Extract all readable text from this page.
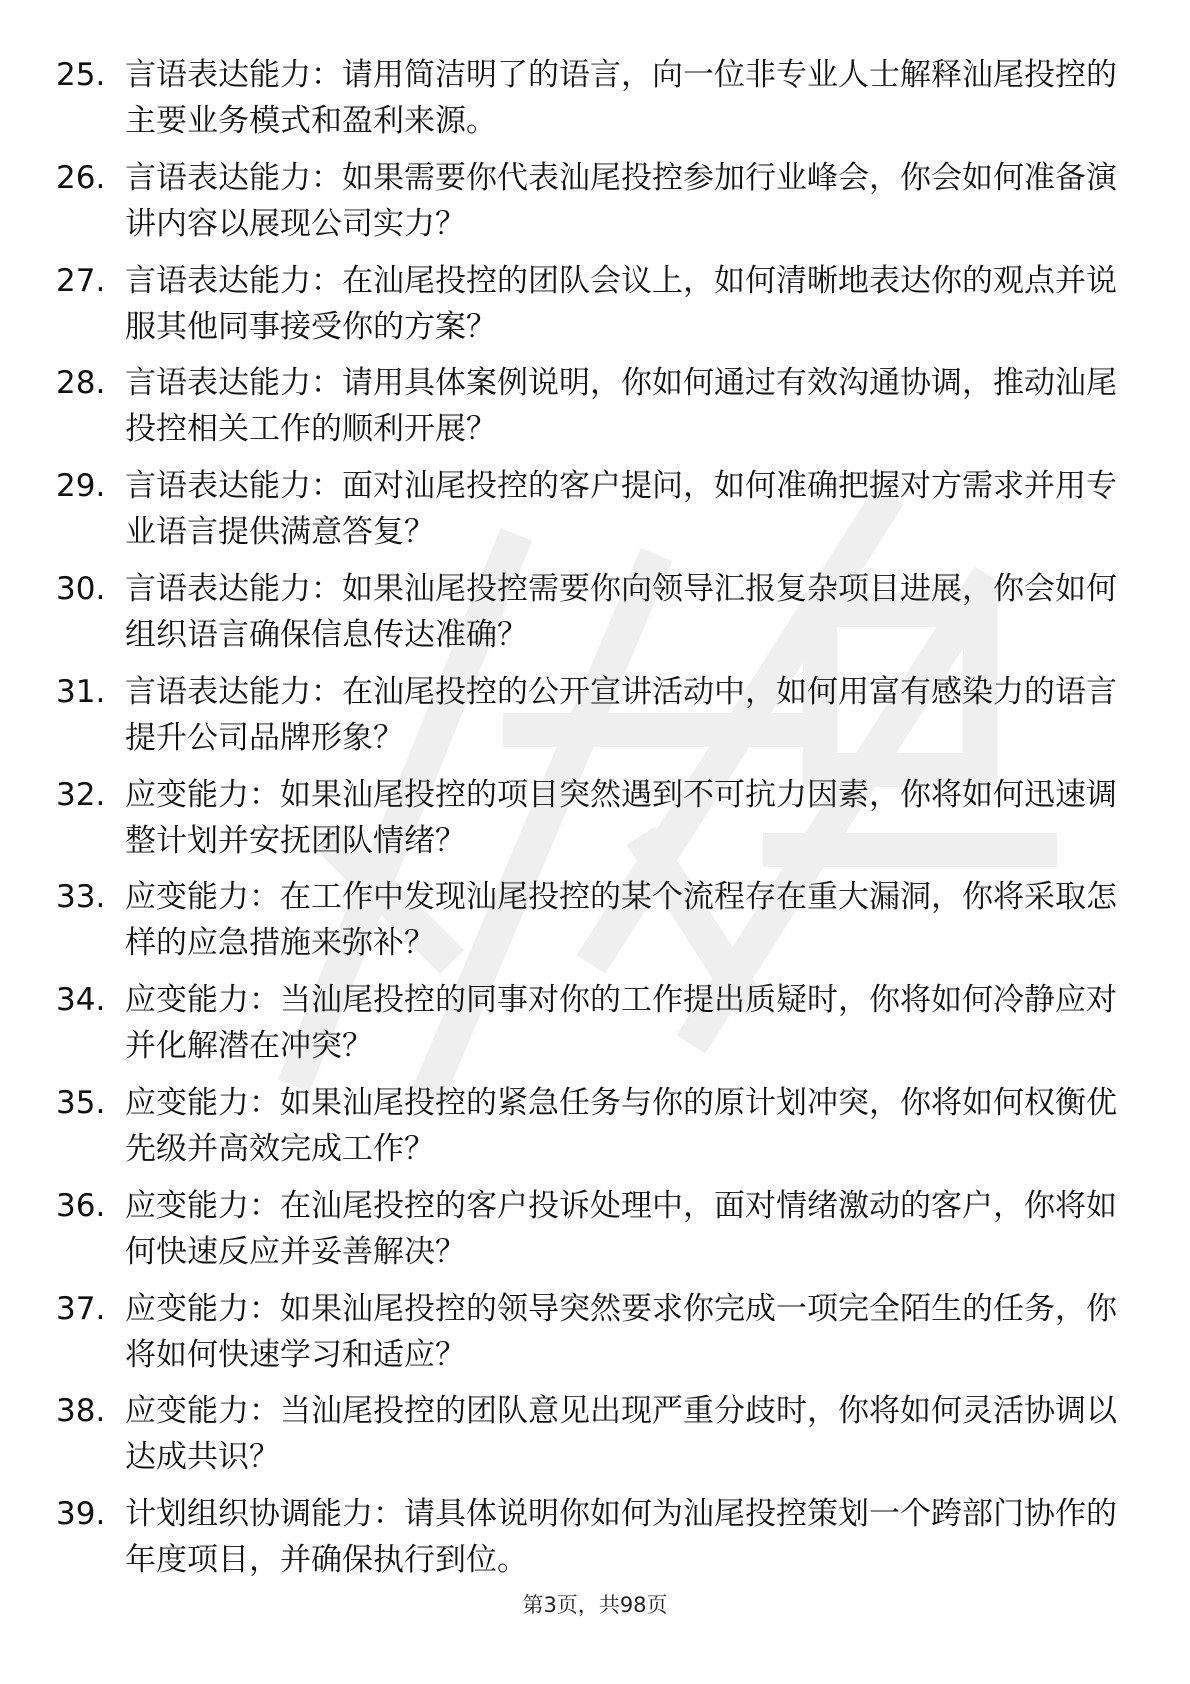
25. 言语表达能力：请用简洁明了的语言，向一位非专业人士解释汕尾投控的主要业务模式和盈利来源。
26. 言语表达能力：如果需要你代表汕尾投控参加行业峰会，你会如何准备演讲内容以展现公司实力？
27. 言语表达能力：在汕尾投控的团队会议上，如何清晰地表达你的观点并说服其他同事接受你的方案？
28. 言语表达能力：请用具体案例说明，你如何通过有效沟通协调，推动汕尾投控相关工作的顺利开展？
29. 言语表达能力：面对汕尾投控的客户提问，如何准确把握对方需求并用专业语言提供满意答复？
30. 言语表达能力：如果汕尾投控需要你向领导汇报复杂项目进展，你会如何组织语言确保信息传达准确？
31. 言语表达能力：在汕尾投控的公开宣讲活动中，如何用富有感染力的语言提升公司品牌形象？
32. 应变能力：如果汕尾投控的项目突然遇到不可抗力因素，你将如何迅速调整计划并安抚团队情绪？
33. 应变能力：在工作中发现汕尾投控的某个流程存在重大漏洞，你将采取怎样的应急措施来弥补？
34. 应变能力：当汕尾投控的同事对你的工作提出质疑时，你将如何冷静应对并化解潜在冲突？
35. 应变能力：如果汕尾投控的紧急任务与你的原计划冲突，你将如何权衡优先级并高效完成工作？
36. 应变能力：在汕尾投控的客户投诉处理中，面对情绪激动的客户，你将如何快速反应并妥善解决？
37. 应变能力：如果汕尾投控的领导突然要求你完成一项完全陌生的任务，你将如何快速学习和适应？
38. 应变能力：当汕尾投控的团队意见出现严重分歧时，你将如何灵活协调以达成共识？
39. 计划组织协调能力：请具体说明你如何为汕尾投控策划一个跨部门协作的年度项目，并确保执行到位。
第3页，共98页
